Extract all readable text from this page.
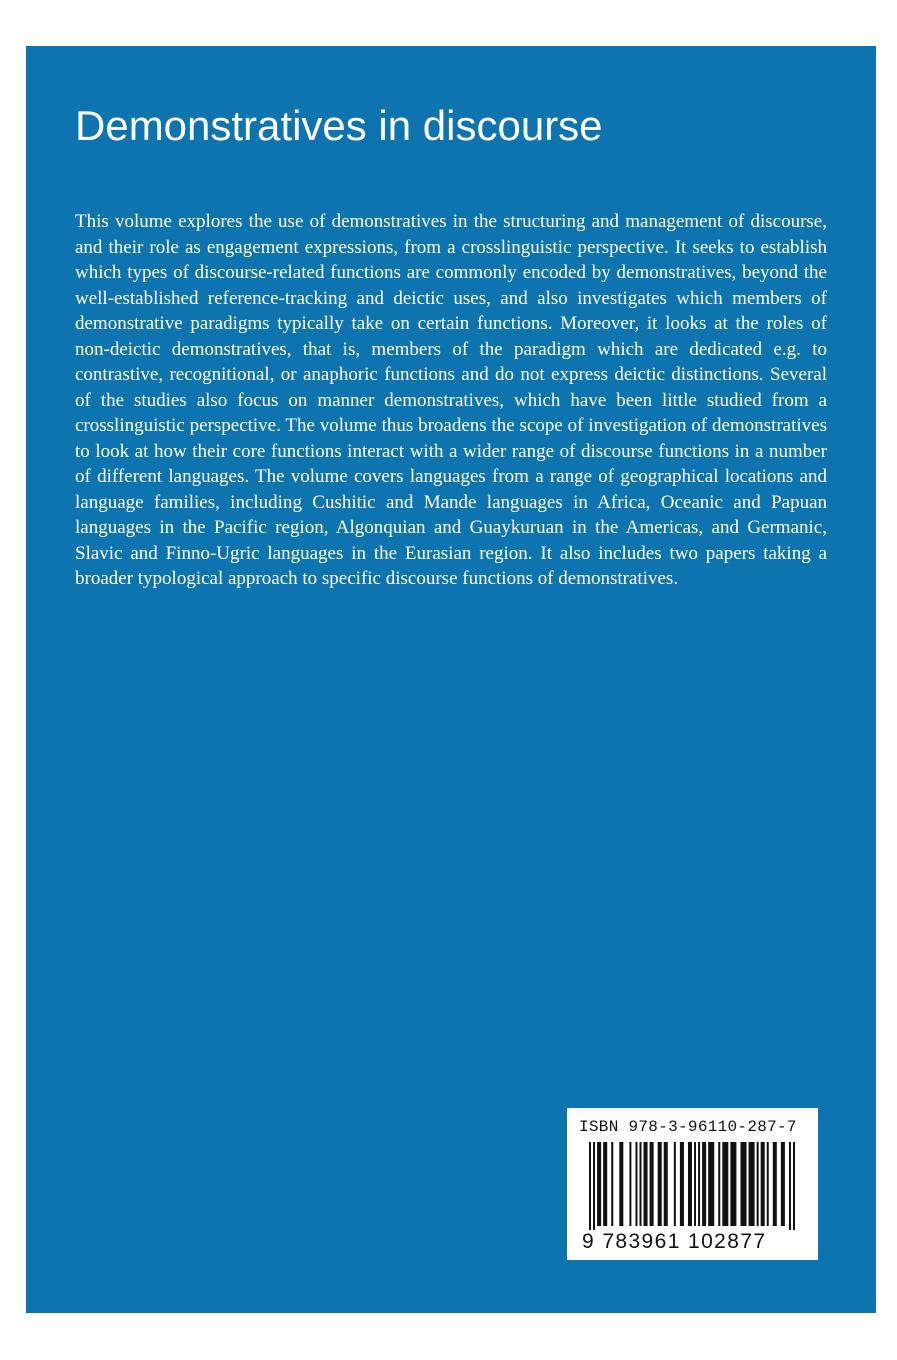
Demonstratives in discourse

This volume explores the use of demonstratives in the structuring and management of discourse, and their role as engagement expressions, from a crosslinguistic perspective. It seeks to establish which types of discourse-related functions are commonly encoded by demonstratives, beyond the well-established reference-tracking and deictic uses, and also investigates which members of demonstrative paradigms typically take on certain functions. Moreover, it looks at the roles of non-deictic demonstratives, that is, members of the paradigm which are dedicated e.g. to contrastive, recognitional, or anaphoric functions and do not express deictic distinctions. Several of the studies also focus on manner demonstratives, which have been little studied from a crosslinguistic perspective. The volume thus broadens the scope of investigation of demonstratives to look at how their core functions interact with a wider range of discourse functions in a number of different languages. The volume covers languages from a range of geographical locations and language families, including Cushitic and Mande languages in Africa, Oceanic and Papuan languages in the Pacific region, Algonquian and Guaykuruan in the Americas, and Germanic, Slavic and Finno-Ugric languages in the Eurasian region. It also includes two papers taking a broader typological approach to specific discourse functions of demonstratives.

ISBN 978-3-96110-287-7
9 783961 102877
